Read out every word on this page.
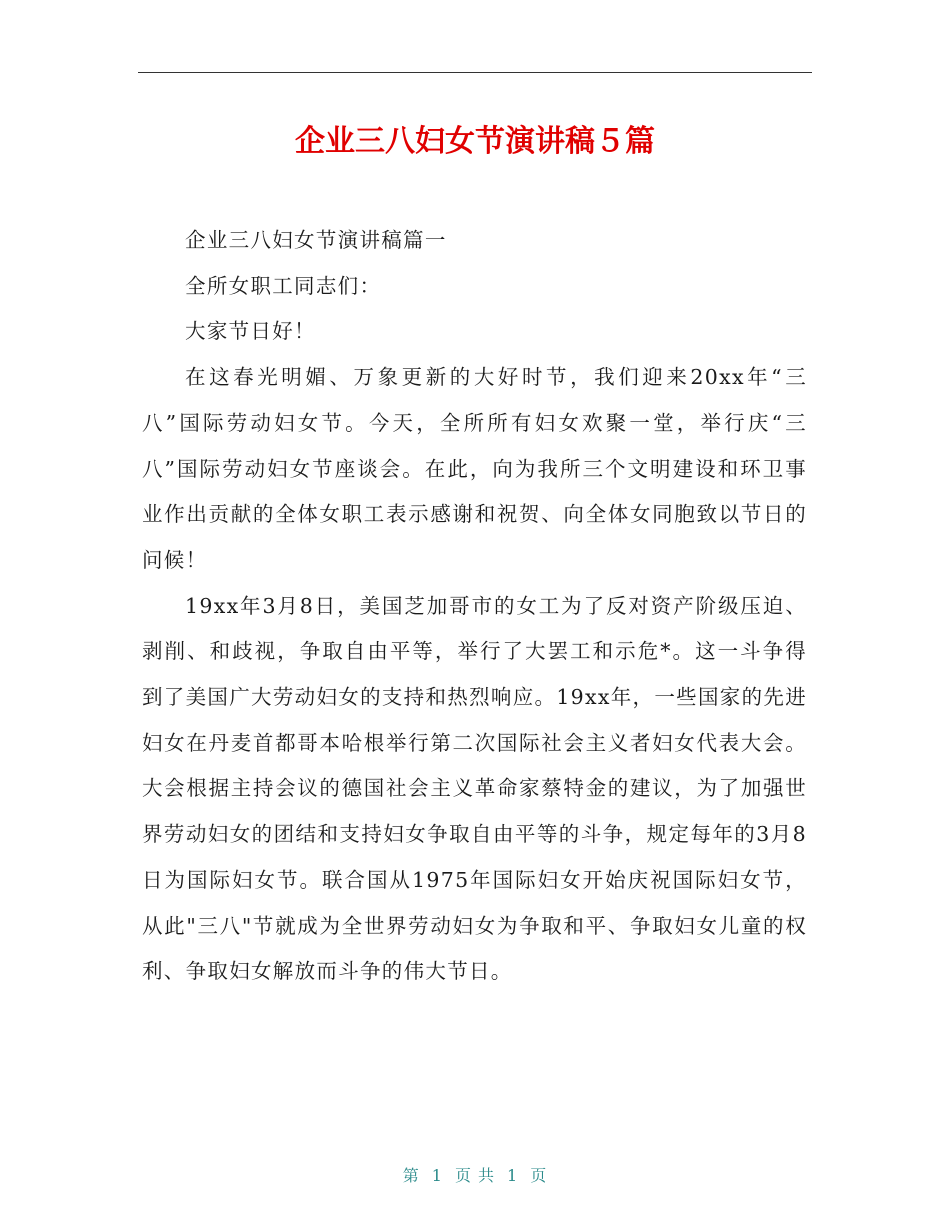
企业三八妇女节演讲稿５篇

企业三八妇女节演讲稿篇一

全所女职工同志们：

大家节日好！

在这春光明媚、万象更新的大好时节，我们迎来20xx年“三八”国际劳动妇女节。今天，全所所有妇女欢聚一堂，举行庆“三八”国际劳动妇女节座谈会。在此，向为我所三个文明建设和环卫事业作出贡献的全体女职工表示感谢和祝贺、向全体女同胞致以节日的问候！

19xx年3月8日，美国芝加哥市的女工为了反对资产阶级压迫、剥削、和歧视，争取自由平等，举行了大罢工和示危*。这一斗争得到了美国广大劳动妇女的支持和热烈响应。19xx年，一些国家的先进妇女在丹麦首都哥本哈根举行第二次国际社会主义者妇女代表大会。大会根据主持会议的德国社会主义革命家蔡特金的建议，为了加强世界劳动妇女的团结和支持妇女争取自由平等的斗争，规定每年的3月8日为国际妇女节。联合国从1975年国际妇女开始庆祝国际妇女节，从此"三八"节就成为全世界劳动妇女为争取和平、争取妇女儿童的权利、争取妇女解放而斗争的伟大节日。

第 1 页 共 1 页
